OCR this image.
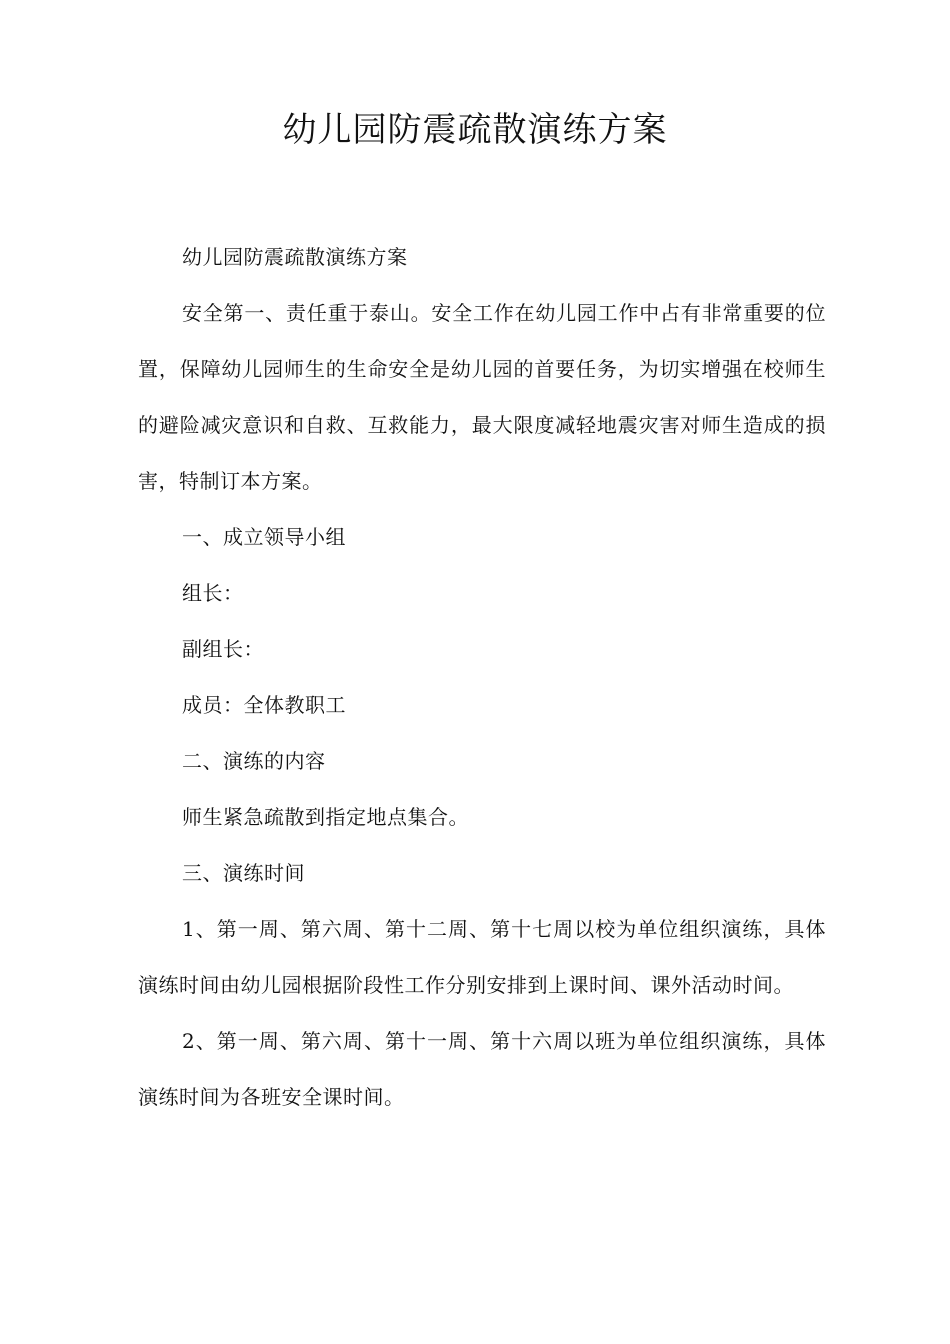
幼儿园防震疏散演练方案

幼儿园防震疏散演练方案

安全第一、责任重于泰山。安全工作在幼儿园工作中占有非常重要的位置，保障幼儿园师生的生命安全是幼儿园的首要任务，为切实增强在校师生的避险减灾意识和自救、互救能力，最大限度减轻地震灾害对师生造成的损害，特制订本方案。

一、成立领导小组

组长：

副组长：

成员：全体教职工

二、演练的内容

师生紧急疏散到指定地点集合。

三、演练时间

1、第一周、第六周、第十二周、第十七周以校为单位组织演练，具体演练时间由幼儿园根据阶段性工作分别安排到上课时间、课外活动时间。

2、第一周、第六周、第十一周、第十六周以班为单位组织演练，具体演练时间为各班安全课时间。
